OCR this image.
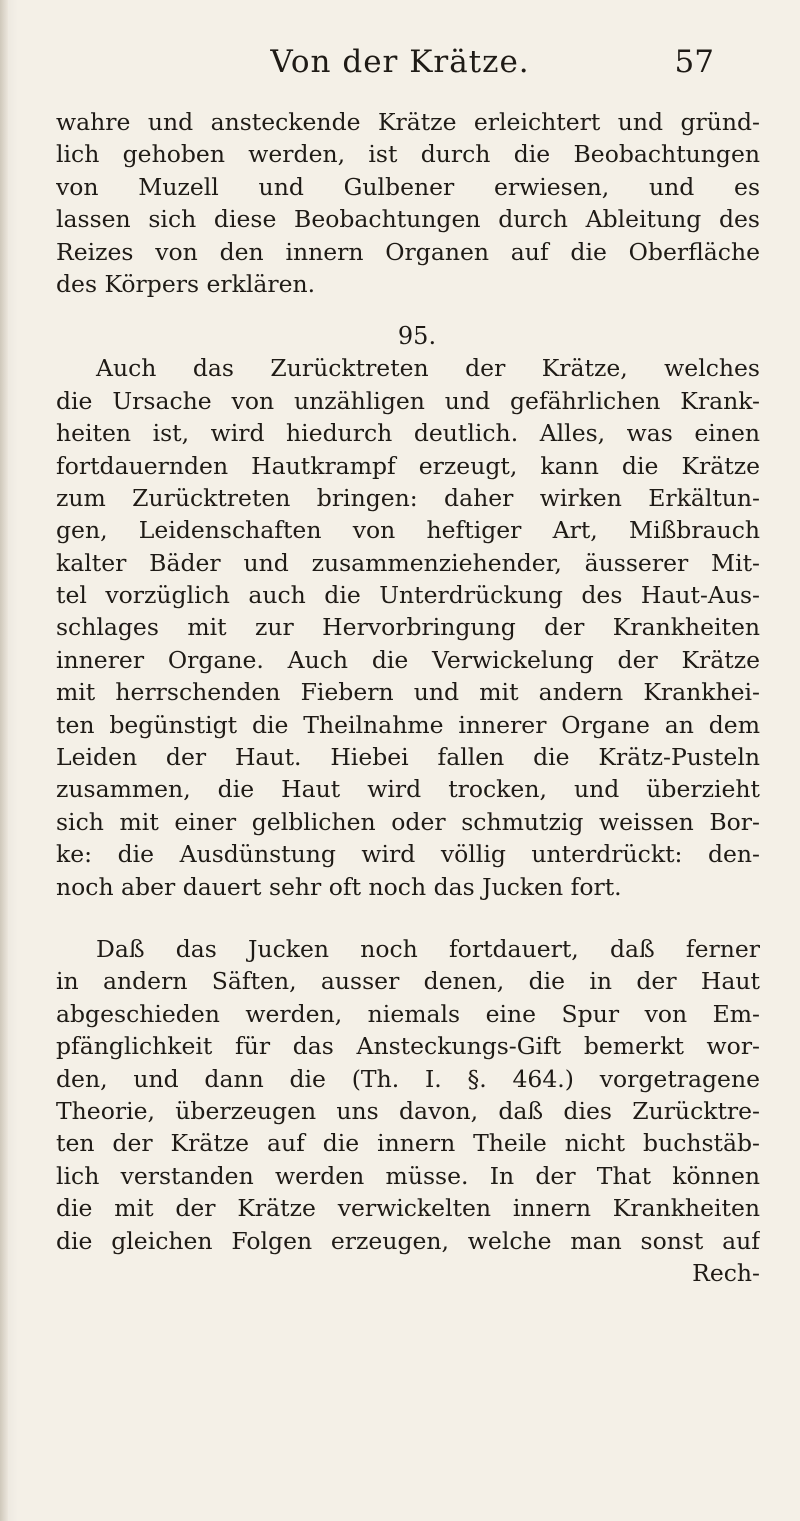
Von der Krätze.	57
wahre und ansteckende Krätze erleichtert und gründ-
lich gehoben werden, ist durch die Beobachtungen
von Muzell und Gulbener erwiesen, und es
lassen sich diese Beobachtungen durch Ableitung des
Reizes von den innern Organen auf die Oberfläche
des Körpers erklären.
95.
Auch das Zurücktreten der Krätze, welches
die Ursache von unzähligen und gefährlichen Krank-
heiten ist, wird hiedurch deutlich. Alles, was einen
fortdauernden Hautkrampf erzeugt, kann die Krätze
zum Zurücktreten bringen: daher wirken Erkältun-
gen, Leidenschaften von heftiger Art, Mißbrauch
kalter Bäder und zusammenziehender, äusserer Mit-
tel vorzüglich auch die Unterdrückung des Haut-Aus-
schlages mit zur Hervorbringung der Krankheiten
innerer Organe. Auch die Verwickelung der Krätze
mit herrschenden Fiebern und mit andern Krankhei-
ten begünstigt die Theilnahme innerer Organe an dem
Leiden der Haut. Hiebei fallen die Krätz-Pusteln
zusammen, die Haut wird trocken, und überzieht
sich mit einer gelblichen oder schmutzig weissen Bor-
ke: die Ausdünstung wird völlig unterdrückt: den-
noch aber dauert sehr oft noch das Jucken fort.
Daß das Jucken noch fortdauert, daß ferner
in andern Säften, ausser denen, die in der Haut
abgeschieden werden, niemals eine Spur von Em-
pfänglichkeit für das Ansteckungs-Gift bemerkt wor-
den, und dann die (Th. I. §. 464.) vorgetragene
Theorie, überzeugen uns davon, daß dies Zurücktre-
ten der Krätze auf die innern Theile nicht buchstäb-
lich verstanden werden müsse. In der That können
die mit der Krätze verwickelten innern Krankheiten
die gleichen Folgen erzeugen, welche man sonst auf
Rech-
